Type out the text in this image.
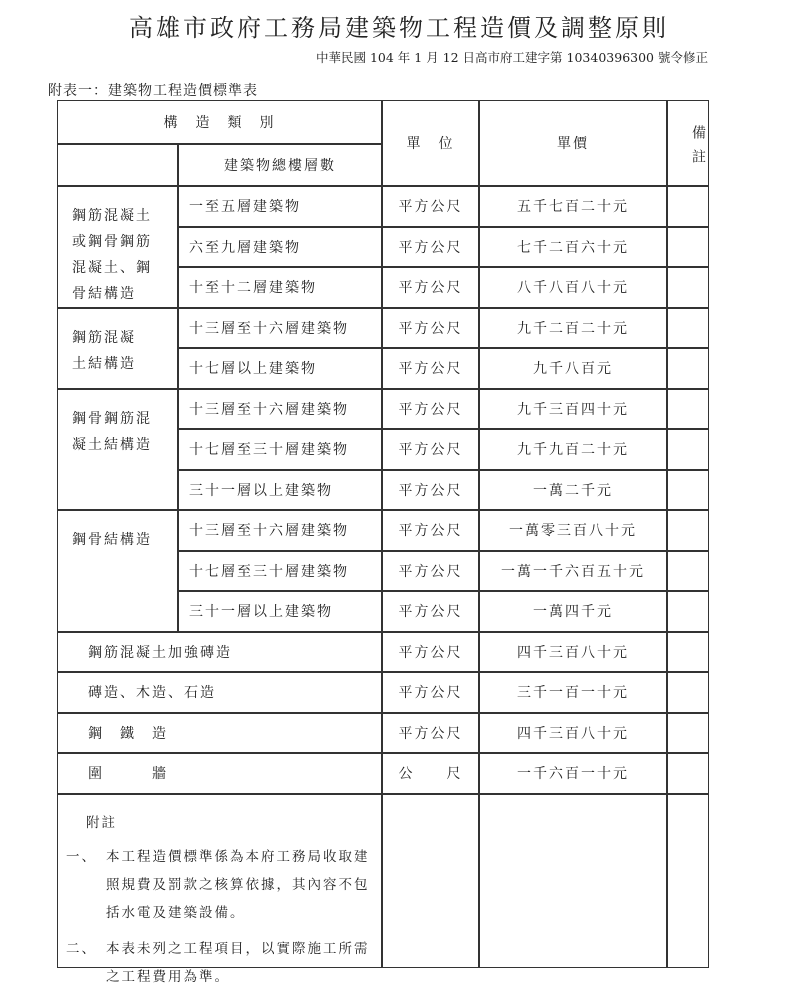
高雄市政府工務局建築物工程造價及調整原則
中華民國 104 年 1 月 12 日高市府工建字第 10340396300 號令修正
附表一：建築物工程造價標準表
構　造　類　別
建築物總樓層數
單　位	單價	備註
鋼筋混凝土
或鋼骨鋼筋
混凝土、鋼
骨結構造
一至五層建築物	平方公尺	五千七百二十元
六至九層建築物	平方公尺	七千二百六十元
十至十二層建築物	平方公尺	八千八百八十元
鋼筋混凝
土結構造
十三層至十六層建築物	平方公尺	九千二百二十元
十七層以上建築物	平方公尺	九千八百元
鋼骨鋼筋混
凝土結構造
十三層至十六層建築物	平方公尺	九千三百四十元
十七層至三十層建築物	平方公尺	九千九百二十元
三十一層以上建築物	平方公尺	一萬二千元
鋼骨結構造
十三層至十六層建築物	平方公尺	一萬零三百八十元
十七層至三十層建築物	平方公尺	一萬一千六百五十元
三十一層以上建築物	平方公尺	一萬四千元
鋼筋混凝土加強磚造	平方公尺	四千三百八十元
磚造、木造、石造	平方公尺	三千一百一十元
鋼　鐵　造	平方公尺	四千三百八十元
圍　　　牆	公　　尺	一千六百一十元
附註
一、 本工程造價標準係為本府工務局收取建
照規費及罰款之核算依據，其內容不包
括水電及建築設備。
二、 本表未列之工程項目，以實際施工所需
之工程費用為準。
